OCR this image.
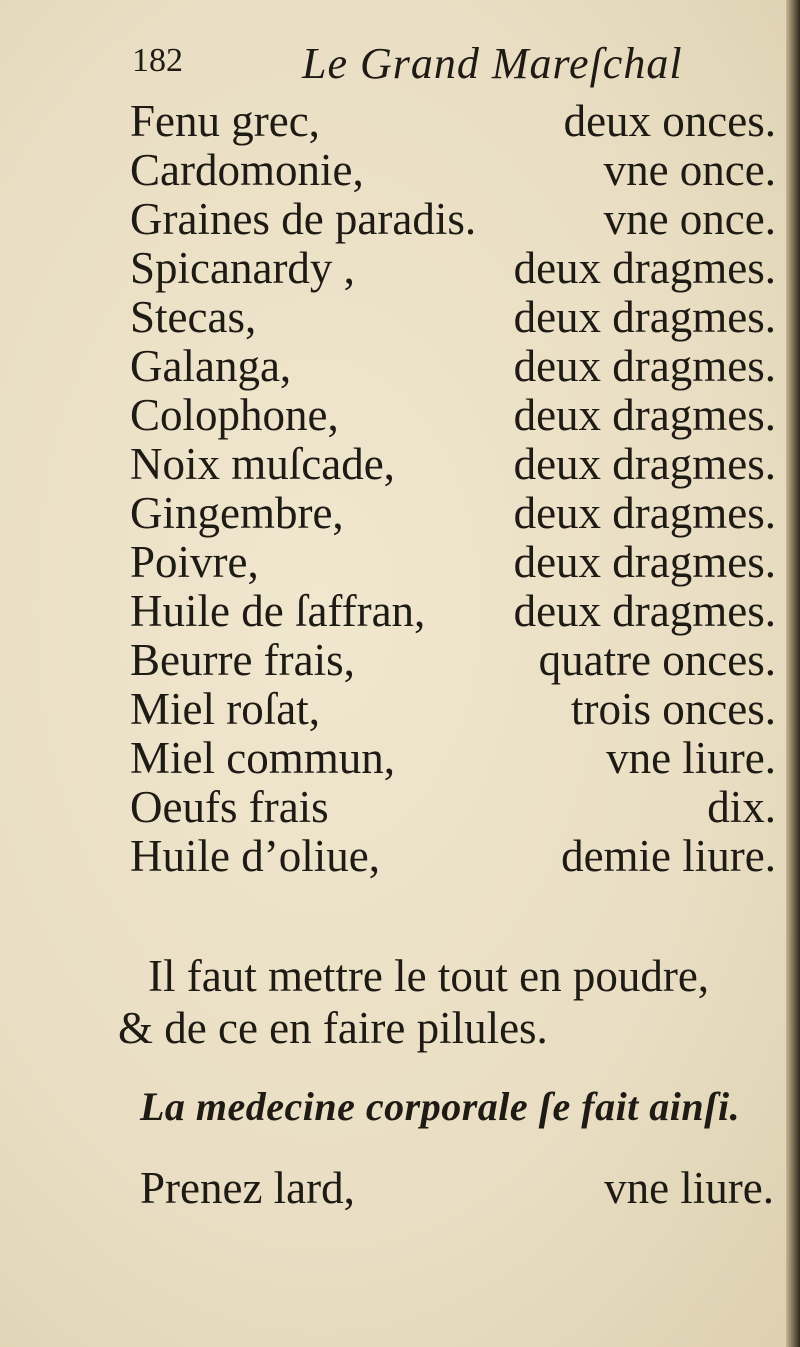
182	Le Grand Mareſchal
Fenu grec,	deux onces.
Cardomonie,	vne once.
Graines de paradis.	vne once.
Spicanardy ,	deux dragmes.
Stecas,	deux dragmes.
Galanga,	deux dragmes.
Colophone,	deux dragmes.
Noix muſcade,	deux dragmes.
Gingembre,	deux dragmes.
Poivre,	deux dragmes.
Huile de ſaffran, deux dragmes.
Beurre frais,	quatre onces.
Miel roſat,	trois onces.
Miel commun,	vne liure.
Oeufs frais	dix.
Huile d’oliue,	demie liure.
Il faut mettre le tout en poudre,
& de ce en faire pilules.
La medecine corporale ſe fait ainſi.
Prenez lard,	vne liure.
